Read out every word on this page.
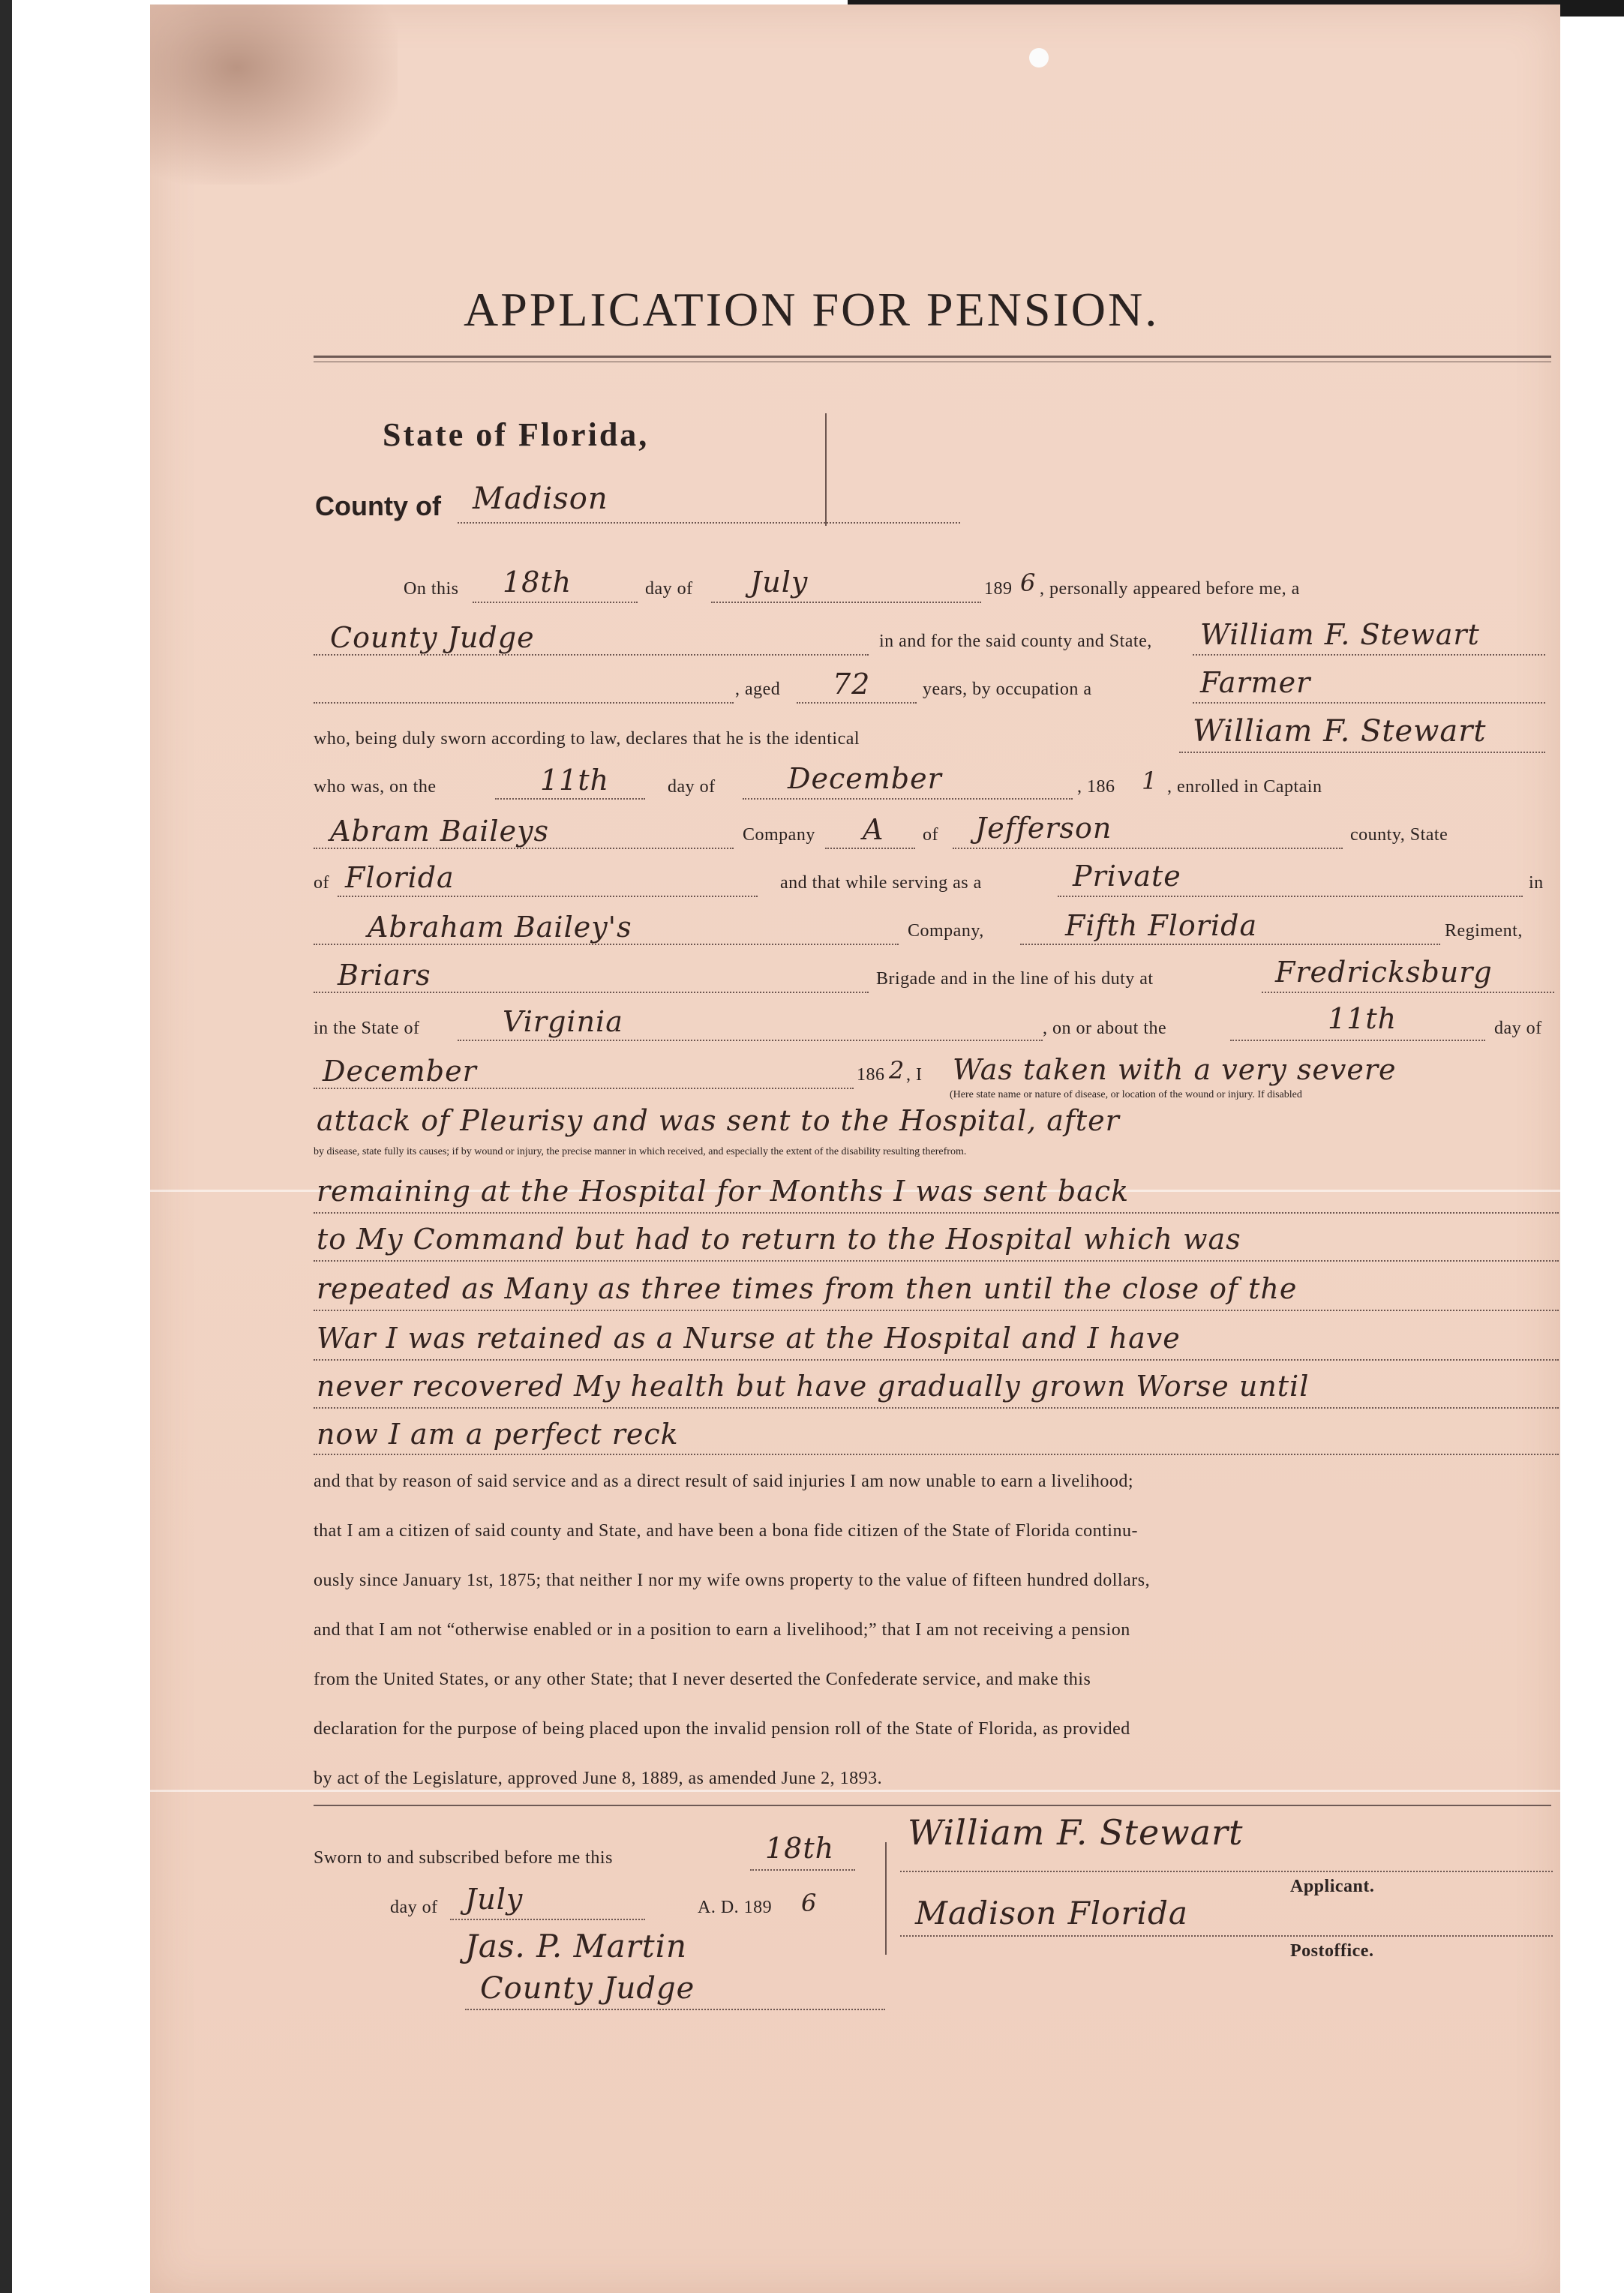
APPLICATION FOR PENSION.
State of Florida,
County of Madison
On this 18th	day of July	189 6 , personally appeared before me, a
County Judge	in and for the said county and State, William F. Stewart
, aged 72	years, by occupation a	Farmer
who, being duly sworn according to law, declares that he is the identical	William F. Stewart
who was, on the	11th	day of	December	, 186 1 , enrolled in Captain
Abram Baileys	Company A of Jefferson	county, State
of Florida	and that while serving as a	Private	in
Abraham Bailey's	Company,	Fifth Florida	Regiment,
Briars	Brigade and in the line of his duty at	Fredricksburg
in the State of	Virginia	, on or about the	11th	day of
December	186 2 , I Was taken with a very severe
(Here state name or nature of disease, or location of the wound or injury. If disabled
attack of Pleurisy and was sent to the Hospital, after
by disease, state fully its causes; if by wound or injury, the precise manner in which received, and especially the extent of the disability resulting therefrom.
remaining at the Hospital for Months I was sent back
to My Command but had to return to the Hospital which was
repeated as Many as three times from then until the close of the
War I was retained as a Nurse at the Hospital and I have
never recovered My health but have gradually grown Worse until
now I am a perfect reck
and that by reason of said service and as a direct result of said injuries I am now unable to earn a livelihood;
that I am a citizen of said county and State, and have been a bona fide citizen of the State of Florida continu-
ously since January 1st, 1875; that neither I nor my wife owns property to the value of fifteen hundred dollars,
and that I am not “otherwise enabled or in a position to earn a livelihood;” that I am not receiving a pension
from the United States, or any other State; that I never deserted the Confederate service, and make this
declaration for the purpose of being placed upon the invalid pension roll of the State of Florida, as provided
by act of the Legislature, approved June 8, 1889, as amended June 2, 1893.
Sworn to and subscribed before me this	18th
day of July	A. D. 189 6
Jas. P. Martin
County Judge
William F. Stewart
Applicant.
Madison Florida
Postoffice.
